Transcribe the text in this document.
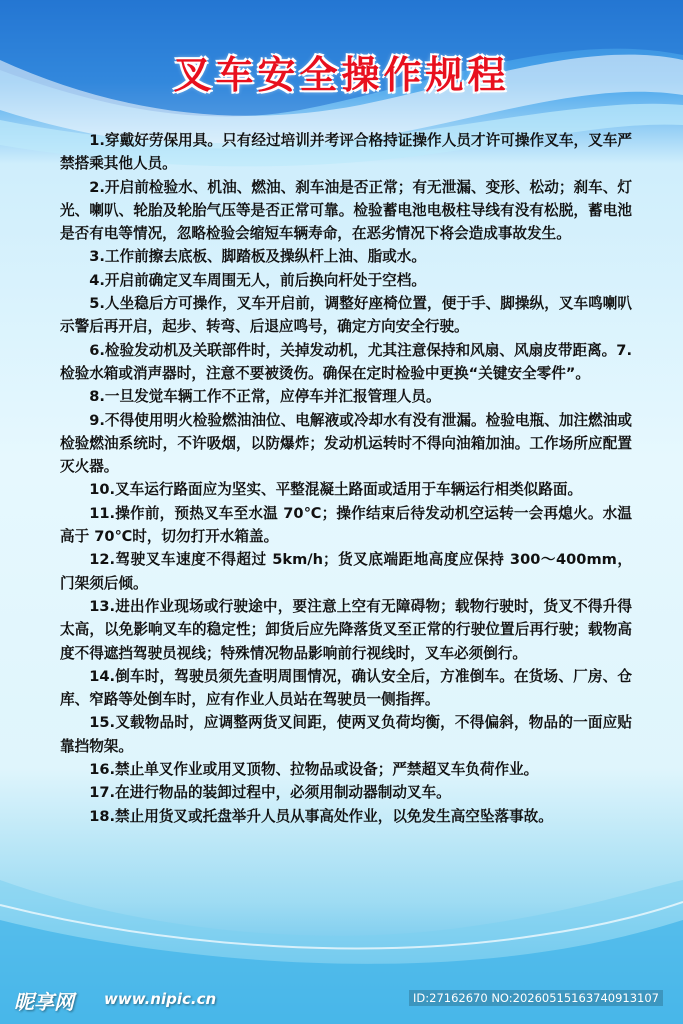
叉车安全操作规程

1.穿戴好劳保用具。只有经过培训并考评合格持证操作人员才许可操作叉车，叉车严禁搭乘其他人员。

2.开启前检验水、机油、燃油、刹车油是否正常；有无泄漏、变形、松动；刹车、灯光、喇叭、轮胎及轮胎气压等是否正常可靠。检验蓄电池电极柱导线有没有松脱，蓄电池是否有电等情况，忽略检验会缩短车辆寿命，在恶劣情况下将会造成事故发生。

3.工作前擦去底板、脚踏板及操纵杆上油、脂或水。

4.开启前确定叉车周围无人，前后换向杆处于空档。

5.人坐稳后方可操作，叉车开启前，调整好座椅位置，便于手、脚操纵，叉车鸣喇叭示警后再开启，起步、转弯、后退应鸣号，确定方向安全行驶。

6.检验发动机及关联部件时，关掉发动机，尤其注意保持和风扇、风扇皮带距离。7.检验水箱或消声器时，注意不要被烫伤。确保在定时检验中更换“关键安全零件”。

8.一旦发觉车辆工作不正常，应停车并汇报管理人员。

9.不得使用明火检验燃油油位、电解液或冷却水有没有泄漏。检验电瓶、加注燃油或检验燃油系统时，不许吸烟，以防爆炸；发动机运转时不得向油箱加油。工作场所应配置灭火器。

10.叉车运行路面应为坚实、平整混凝土路面或适用于车辆运行相类似路面。

11.操作前，预热叉车至水温 70℃；操作结束后待发动机空运转一会再熄火。水温高于 70℃时，切勿打开水箱盖。

12.驾驶叉车速度不得超过 5km/h；货叉底端距地高度应保持 300～400mm，门架须后倾。

13.进出作业现场或行驶途中，要注意上空有无障碍物；载物行驶时，货叉不得升得太高，以免影响叉车的稳定性；卸货后应先降落货叉至正常的行驶位置后再行驶；载物高度不得遮挡驾驶员视线；特殊情况物品影响前行视线时，叉车必须倒行。

14.倒车时，驾驶员须先查明周围情况，确认安全后，方准倒车。在货场、厂房、仓库、窄路等处倒车时，应有作业人员站在驾驶员一侧指挥。

15.叉载物品时，应调整两货叉间距，使两叉负荷均衡，不得偏斜，物品的一面应贴靠挡物架。

16.禁止单叉作业或用叉顶物、拉物品或设备；严禁超叉车负荷作业。

17.在进行物品的装卸过程中，必须用制动器制动叉车。

18.禁止用货叉或托盘举升人员从事高处作业，以免发生高空坠落事故。

昵享网 www.nipic.cn	ID:27162670 NO:20260515163740913107
